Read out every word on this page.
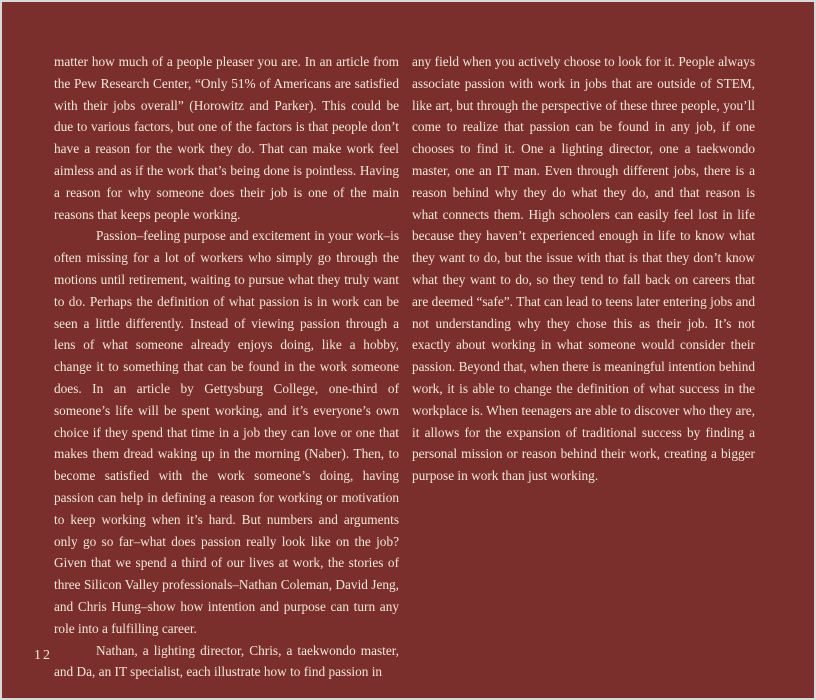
matter how much of a people pleaser you are. In an article from the Pew Research Center, “Only 51% of Americans are satisfied with their jobs overall” (Horowitz and Parker). This could be due to various factors, but one of the factors is that people don’t have a reason for the work they do. That can make work feel aimless and as if the work that’s being done is pointless. Having a reason for why someone does their job is one of the main reasons that keeps people working.

Passion–feeling purpose and excitement in your work–is often missing for a lot of workers who simply go through the motions until retirement, waiting to pursue what they truly want to do. Perhaps the definition of what passion is in work can be seen a little differently. Instead of viewing passion through a lens of what someone already enjoys doing, like a hobby, change it to something that can be found in the work someone does. In an article by Gettysburg College, one-third of someone’s life will be spent working, and it’s everyone’s own choice if they spend that time in a job they can love or one that makes them dread waking up in the morning (Naber). Then, to become satisfied with the work someone’s doing, having passion can help in defining a reason for working or motivation to keep working when it’s hard. But numbers and arguments only go so far–what does passion really look like on the job? Given that we spend a third of our lives at work, the stories of three Silicon Valley professionals–Nathan Coleman, David Jeng, and Chris Hung–show how intention and purpose can turn any role into a fulfilling career.

Nathan, a lighting director, Chris, a taekwondo master, and Da, an IT specialist, each illustrate how to find passion in

any field when you actively choose to look for it. People always associate passion with work in jobs that are outside of STEM, like art, but through the perspective of these three people, you’ll come to realize that passion can be found in any job, if one chooses to find it. One a lighting director, one a taekwondo master, one an IT man. Even through different jobs, there is a reason behind why they do what they do, and that reason is what connects them. High schoolers can easily feel lost in life because they haven’t experienced enough in life to know what they want to do, but the issue with that is that they don’t know what they want to do, so they tend to fall back on careers that are deemed “safe”. That can lead to teens later entering jobs and not understanding why they chose this as their job. It’s not exactly about working in what someone would consider their passion. Beyond that, when there is meaningful intention behind work, it is able to change the definition of what success in the workplace is. When teenagers are able to discover who they are, it allows for the expansion of traditional success by finding a personal mission or reason behind their work, creating a bigger purpose in work than just working.

12
